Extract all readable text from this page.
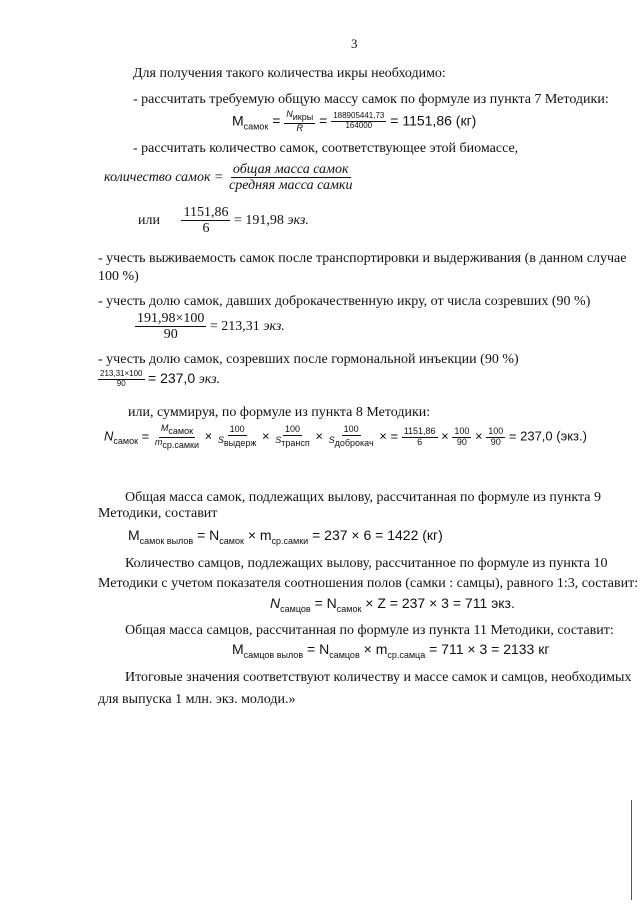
3
Для получения такого количества икры необходимо:
- рассчитать требуемую общую массу самок по формуле из пункта 7 Методики:
$M_{самок} = \frac{N_{икры}}{R} = \frac{188905441,73}{164000} = 1151,86$ (кг)
- рассчитать количество самок, соответствующее этой биомассе,
количество самок = $\frac{\text{общая масса самок}}{\text{средняя масса самки}}$
или $\frac{1151,86}{6} = 191,98$ экз.
- учесть выживаемость самок после транспортировки и выдерживания (в данном случае
100 %)
- учесть долю самок, давших доброкачественную икру, от числа созревших (90 %)
$\frac{191,98\times 100}{90} = 213,31$ экз.
- учесть долю самок, созревших после гормональной инъекции (90 %)
$\frac{213,31\times 100}{90} = 237,0$ экз.
или, суммируя, по формуле из пункта 8 Методики:
$N_{самок} = \frac{M_{самок}}{m_{ср.самки}} \times \frac{100}{S_{выдерж}} \times \frac{100}{S_{трансп}} \times \frac{100}{S_{доброкач}}$ × = $\frac{1151,86}{6} \times \frac{100}{90} \times \frac{100}{90} = 237,0$ (экз.)
Общая масса самок, подлежащих вылову, рассчитанная по формуле из пункта 9
Методики, составит
$M_{самок вылов} = N_{самок} \times m_{ср.самки} = 237 \times 6 = 1422$ (кг)
Количество самцов, подлежащих вылову, рассчитанное по формуле из пункта 10
Методики с учетом показателя соотношения полов (самки : самцы), равного 1:3, составит:
$N_{самцов} = N_{самок} \times Z = 237 \times 3 = 711$ экз.
Общая масса самцов, рассчитанная по формуле из пункта 11 Методики, составит:
$M_{самцов вылов} = N_{самцов} \times m_{ср.самца} = 711 \times 3 = 2133$ кг
Итоговые значения соответствуют количеству и массе самок и самцов, необходимых
для выпуска 1 млн. экз. молоди.»
